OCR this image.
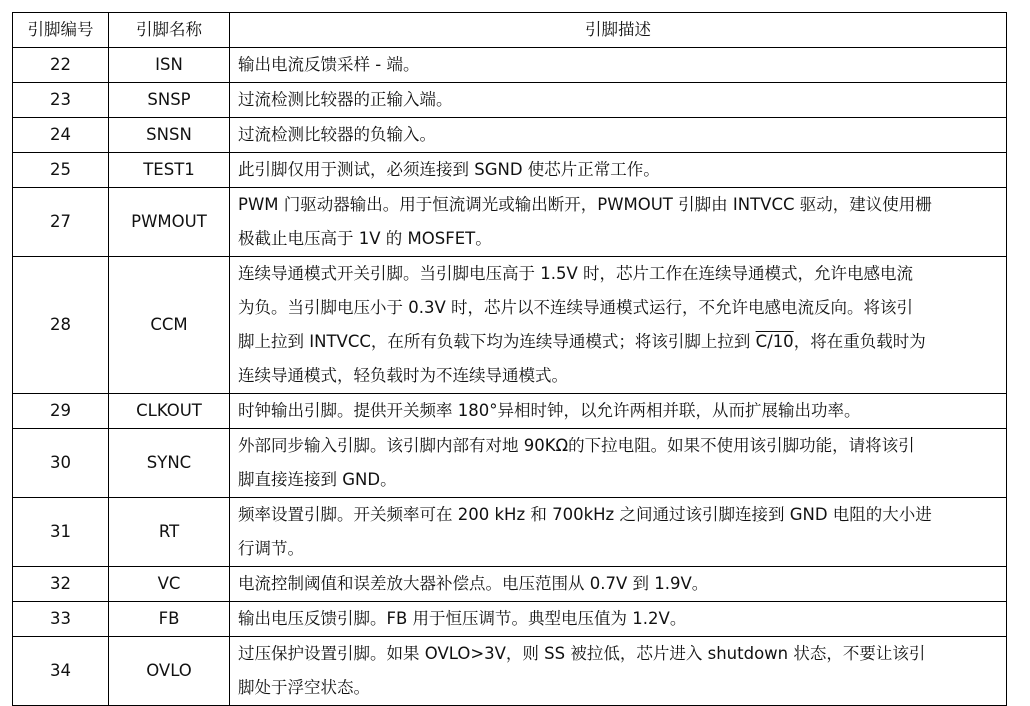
引脚编号	引脚名称	引脚描述
22	ISN	输出电流反馈采样 - 端。
23	SNSP	过流检测比较器的正输入端。
24	SNSN	过流检测比较器的负输入。
25	TEST1	此引脚仅用于测试，必须连接到 SGND 使芯片正常工作。
27	PWMOUT	PWM 门驱动器输出。用于恒流调光或输出断开，PWMOUT 引脚由 INTVCC 驱动，建议使用栅
极截止电压高于 1V 的 MOSFET。
28	CCM	连续导通模式开关引脚。当引脚电压高于 1.5V 时，芯片工作在连续导通模式，允许电感电流
为负。当引脚电压小于 0.3V 时，芯片以不连续导通模式运行，不允许电感电流反向。将该引
脚上拉到 INTVCC，在所有负载下均为连续导通模式；将该引脚上拉到 C/10，将在重负载时为
连续导通模式，轻负载时为不连续导通模式。
29	CLKOUT	时钟输出引脚。提供开关频率 180°异相时钟，以允许两相并联，从而扩展输出功率。
30	SYNC	外部同步输入引脚。该引脚内部有对地 90KΩ的下拉电阻。如果不使用该引脚功能，请将该引
脚直接连接到 GND。
31	RT	频率设置引脚。开关频率可在 200 kHz 和 700kHz 之间通过该引脚连接到 GND 电阻的大小进
行调节。
32	VC	电流控制阈值和误差放大器补偿点。电压范围从 0.7V 到 1.9V。
33	FB	输出电压反馈引脚。FB 用于恒压调节。典型电压值为 1.2V。
34	OVLO	过压保护设置引脚。如果 OVLO>3V，则 SS 被拉低，芯片进入 shutdown 状态，不要让该引
脚处于浮空状态。
